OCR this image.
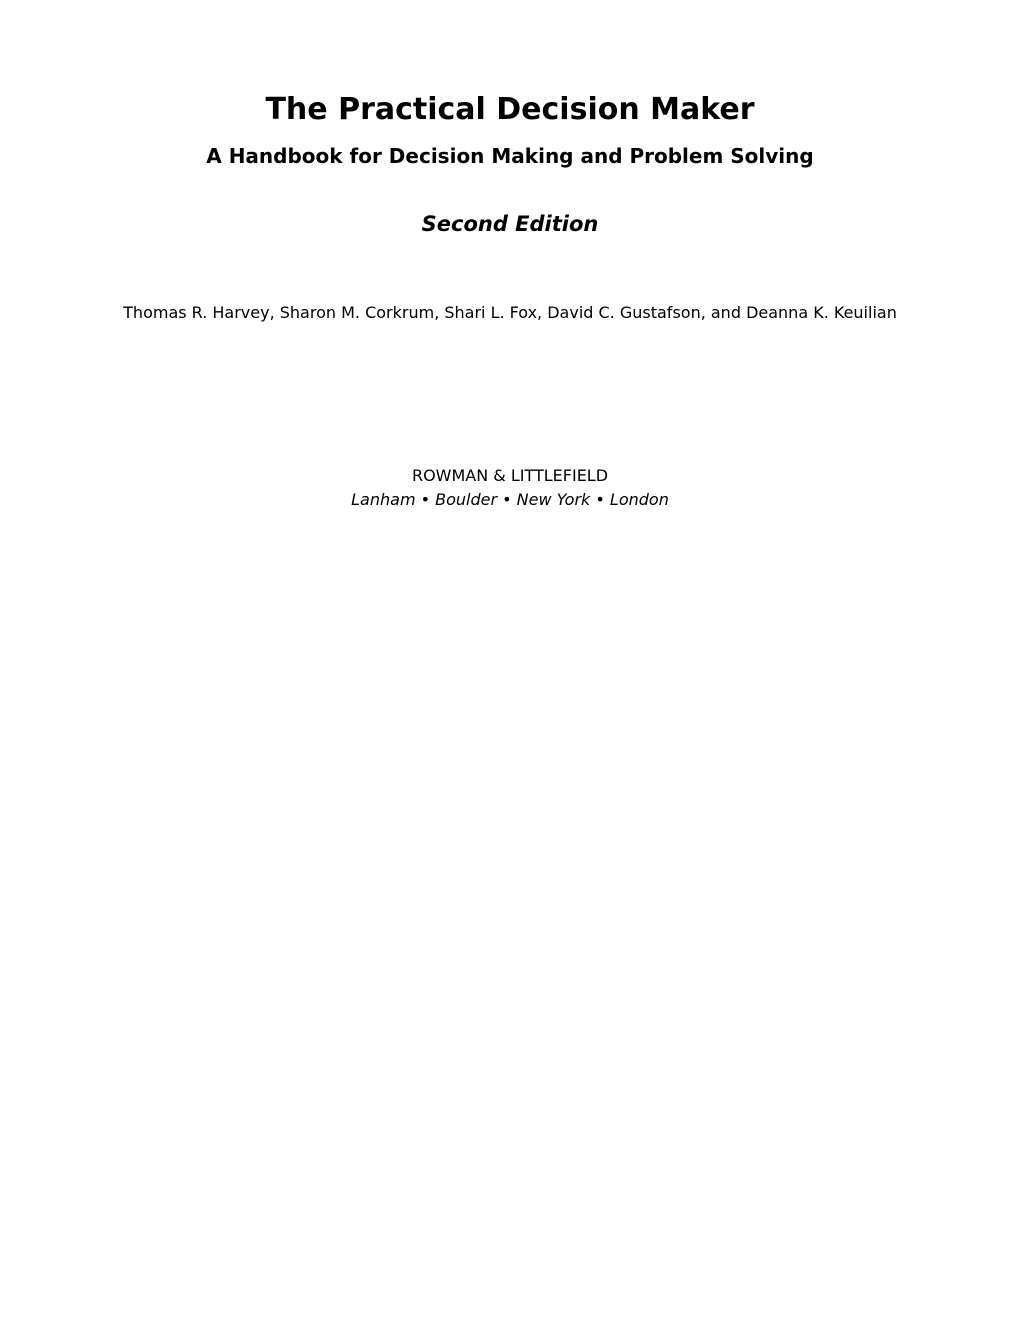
The Practical Decision Maker
A Handbook for Decision Making and Problem Solving
Second Edition
Thomas R. Harvey, Sharon M. Corkrum, Shari L. Fox, David C. Gustafson, and Deanna K. Keuilian
ROWMAN & LITTLEFIELD
Lanham • Boulder • New York • London
